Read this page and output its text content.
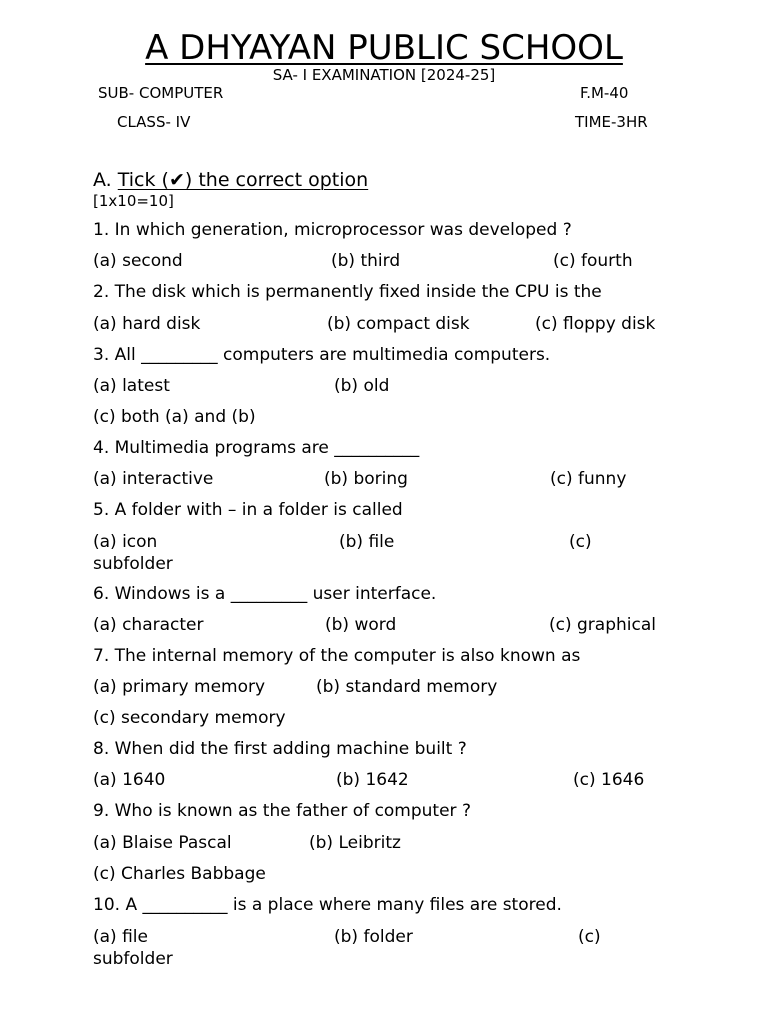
A DHYAYAN PUBLIC SCHOOL
SA- I EXAMINATION [2024-25]
SUB- COMPUTER	F.M-40
CLASS- IV	TIME-3HR
A. Tick (✔) the correct option
[1x10=10]
1. In which generation, microprocessor was developed ?
(a) second	(b) third	(c) fourth
2. The disk which is permanently fixed inside the CPU is the
(a) hard disk	(b) compact disk	(c) floppy disk
3. All _________ computers are multimedia computers.
(a) latest	(b) old
(c) both (a) and (b)
4. Multimedia programs are __________
(a) interactive	(b) boring	(c) funny
5. A folder with – in a folder is called
(a) icon	(b) file	(c) subfolder
6. Windows is a _________ user interface.
(a) character	(b) word	(c) graphical
7. The internal memory of the computer is also known as
(a) primary memory	(b) standard memory
(c) secondary memory
8. When did the first adding machine built ?
(a) 1640	(b) 1642	(c) 1646
9. Who is known as the father of computer ?
(a) Blaise Pascal	(b) Leibritz
(c) Charles Babbage
10. A __________ is a place where many files are stored.
(a) file	(b) folder	(c) subfolder
